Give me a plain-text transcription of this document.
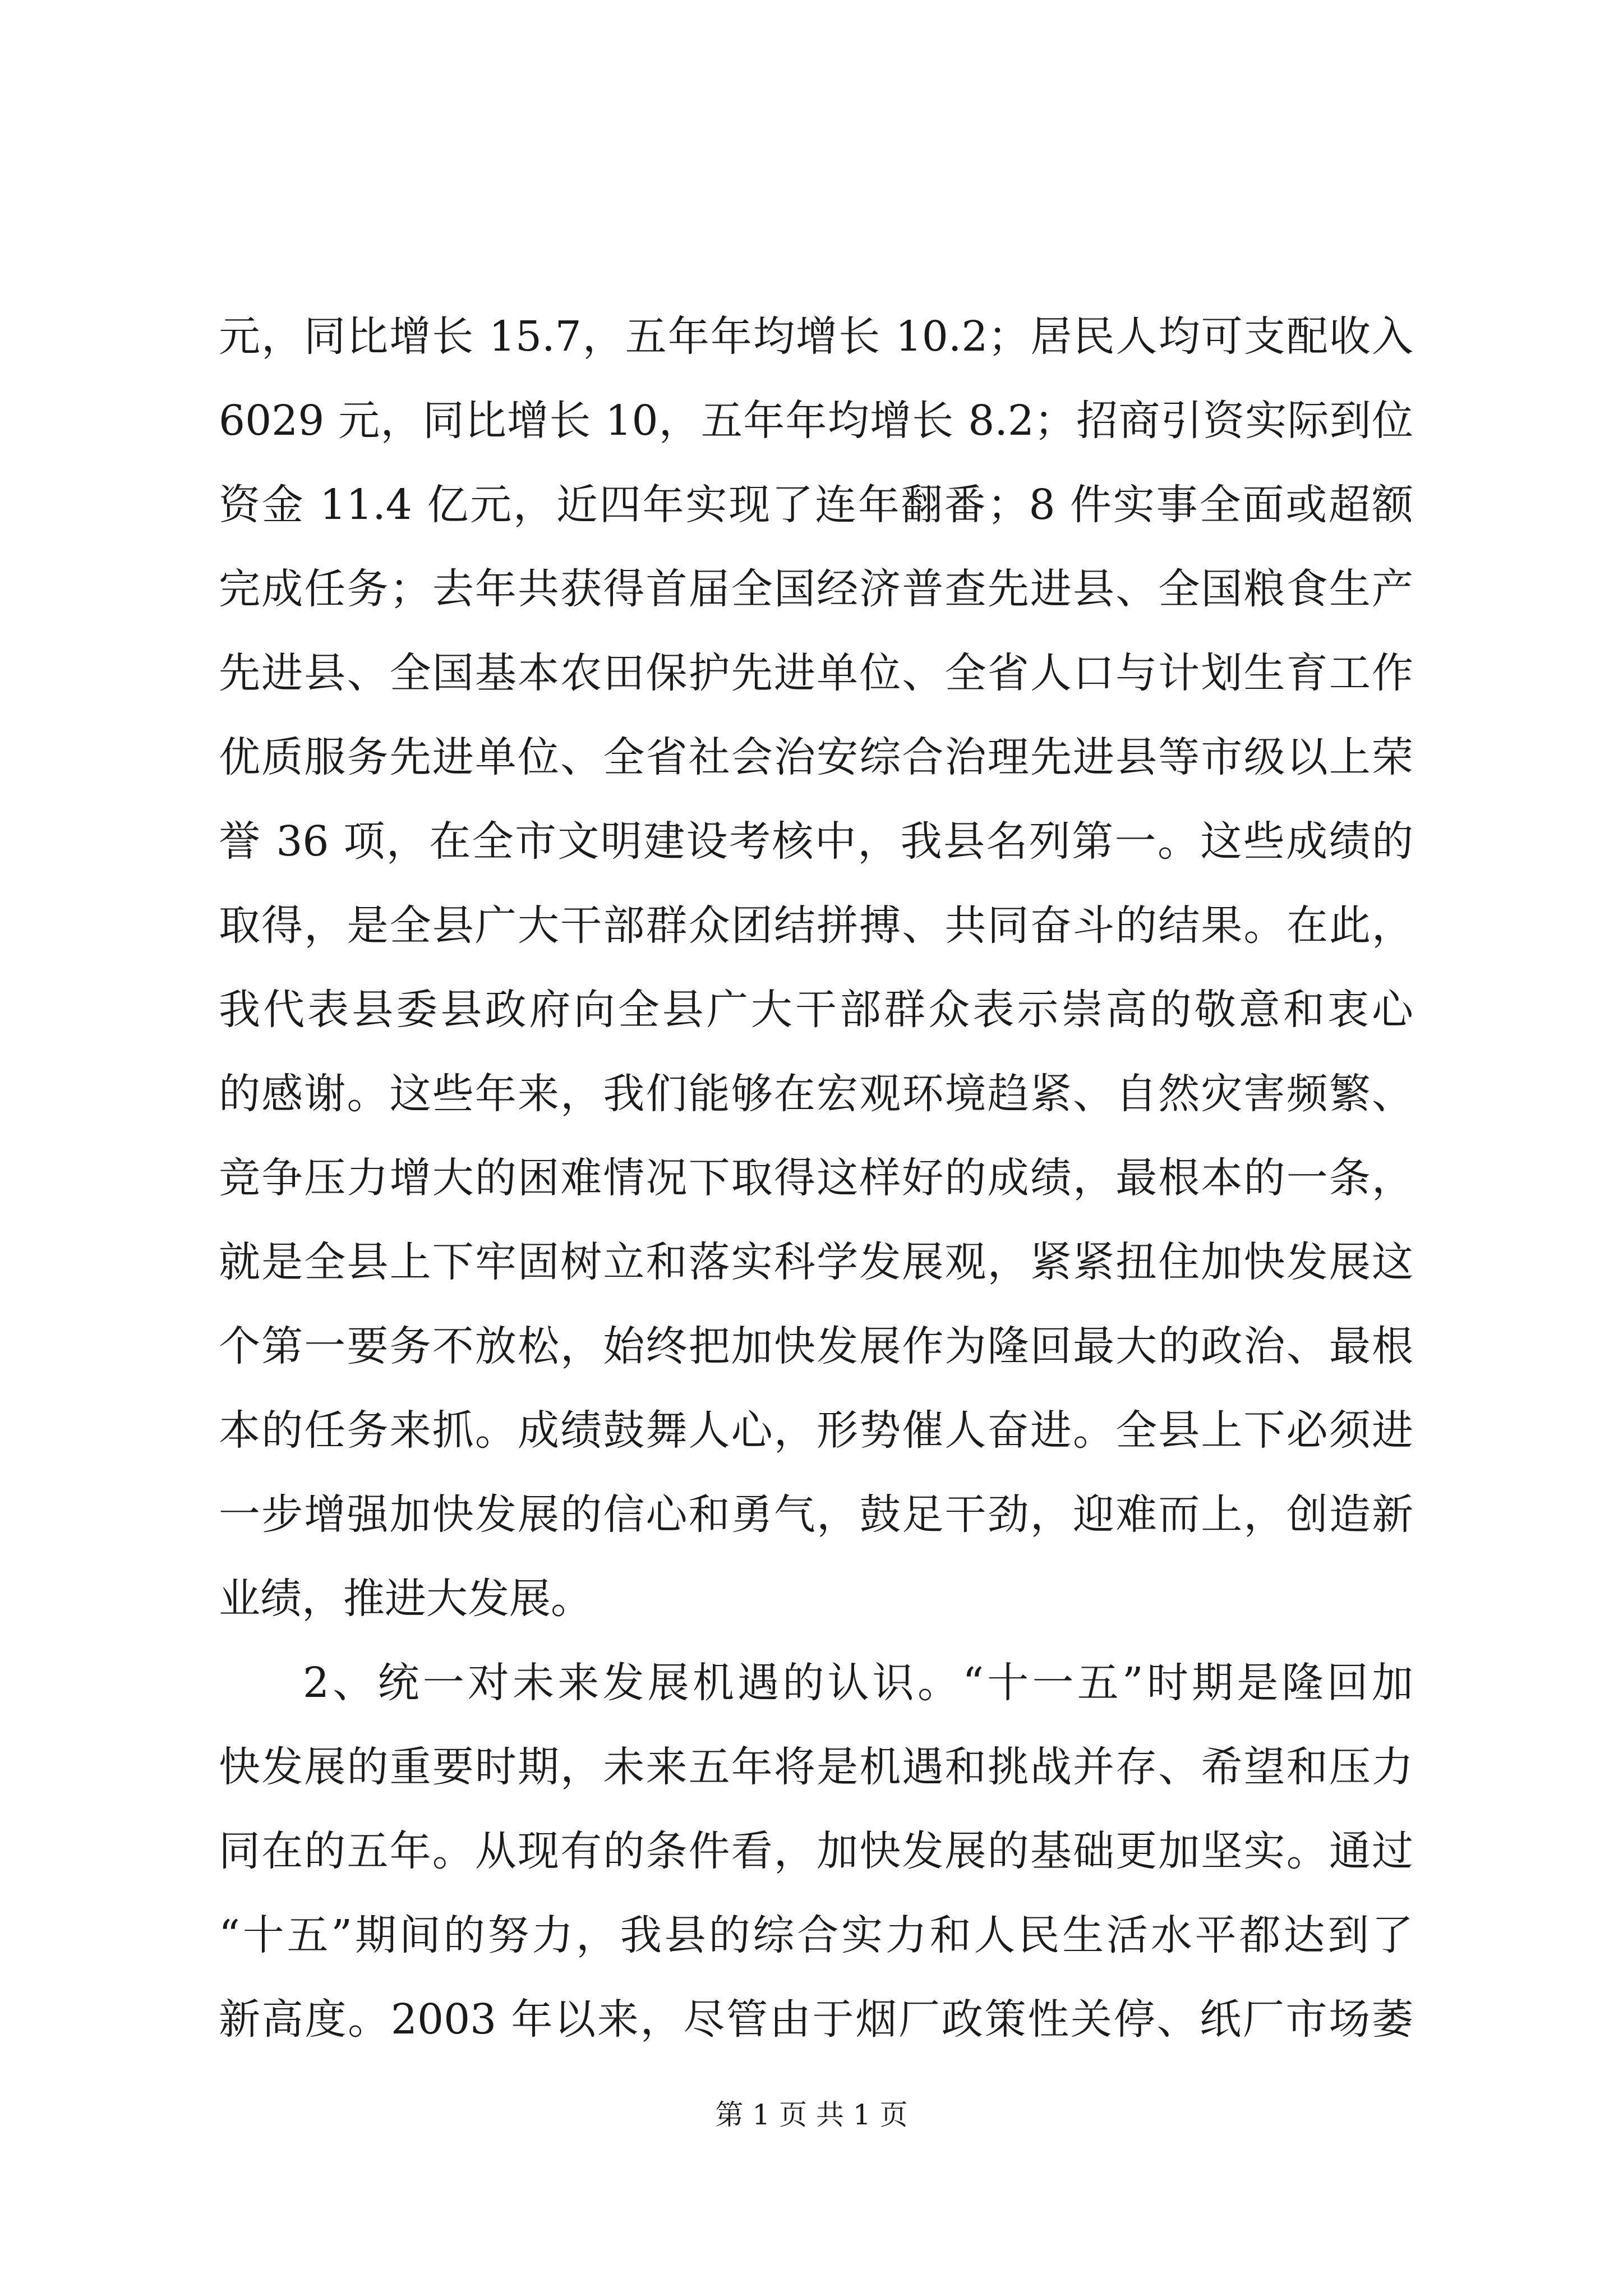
元，同比增长 15.7，五年年均增长 10.2；居民人均可支配收入
6029 元，同比增长 10，五年年均增长 8.2；招商引资实际到位
资金 11.4 亿元，近四年实现了连年翻番；8 件实事全面或超额
完成任务；去年共获得首届全国经济普查先进县、全国粮食生产
先进县、全国基本农田保护先进单位、全省人口与计划生育工作
优质服务先进单位、全省社会治安综合治理先进县等市级以上荣
誉 36 项，在全市文明建设考核中，我县名列第一。这些成绩的
取得，是全县广大干部群众团结拼搏、共同奋斗的结果。在此，
我代表县委县政府向全县广大干部群众表示崇高的敬意和衷心
的感谢。这些年来，我们能够在宏观环境趋紧、自然灾害频繁、
竞争压力增大的困难情况下取得这样好的成绩，最根本的一条，
就是全县上下牢固树立和落实科学发展观，紧紧扭住加快发展这
个第一要务不放松，始终把加快发展作为隆回最大的政治、最根
本的任务来抓。成绩鼓舞人心，形势催人奋进。全县上下必须进
一步增强加快发展的信心和勇气，鼓足干劲，迎难而上，创造新
业绩，推进大发展。
2、统一对未来发展机遇的认识。“十一五”时期是隆回加
快发展的重要时期，未来五年将是机遇和挑战并存、希望和压力
同在的五年。从现有的条件看，加快发展的基础更加坚实。通过
“十五”期间的努力，我县的综合实力和人民生活水平都达到了
新高度。2003 年以来，尽管由于烟厂政策性关停、纸厂市场萎
第 1 页 共 1 页
